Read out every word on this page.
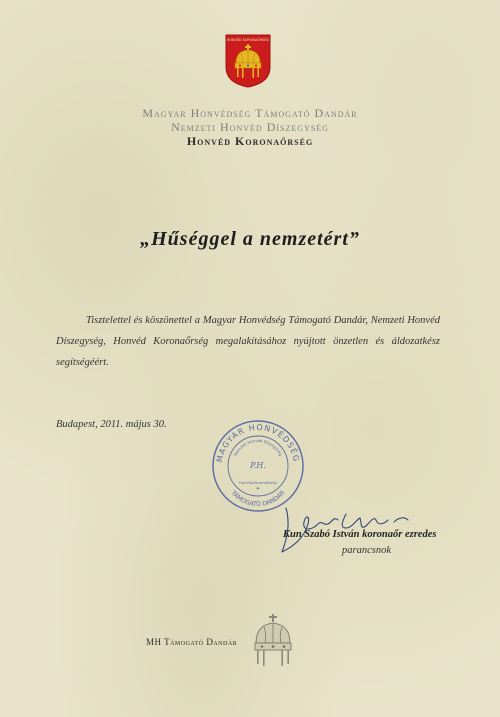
HONVÉD KORONAŐRSÉG
Magyar Honvédség Támogató Dandár
Nemzeti Honvéd Díszegység
Honvéd Koronaőrség
„Hűséggel a nemzetért”

Tisztelettel és köszönettel a Magyar Honvédség Támogató Dandár, Nemzeti Honvéd Díszegység, Honvéd Koronaőrség megalakításához nyújtott önzetlen és áldozatkész segítségéért.

Budapest, 2011. május 30.
MAGYAR HONVÉDSÉG
TÁMOGATÓ DANDÁR
Nemzeti Honvéd Díszegység
P.H.
Honvéd Koronaőrség
✦
Kun Szabó István koronaőr ezredes
parancsnok
MH Támogató Dandár
